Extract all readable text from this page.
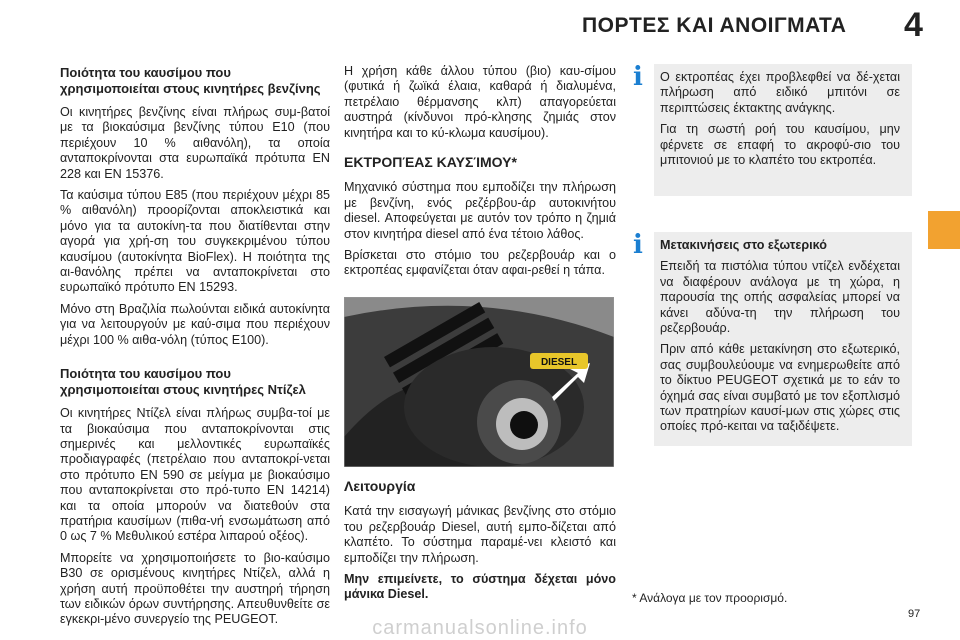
ΠΟΡΤΕΣ ΚΑΙ ΑΝΟΙΓΜΑΤΑ 4
Ποιότητα του καυσίμου που χρησιμοποιείται στους κινητήρες βενζίνης

Οι κινητήρες βενζίνης είναι πλήρως συμ-βατοί με τα βιοκαύσιμα βενζίνης τύπου E10 (που περιέχουν 10 % αιθανόλη), τα οποία ανταποκρίνονται στα ευρωπαϊκά πρότυπα EN 228 και EN 15376.

Τα καύσιμα τύπου E85 (που περιέχουν μέχρι 85 % αιθανόλη) προορίζονται αποκλειστικά και μόνο για τα αυτοκίνη-τα που διατίθενται στην αγορά για χρή-ση του συγκεκριμένου τύπου καυσίμου (αυτοκίνητα BioFlex). Η ποιότητα της αι-θανόλης πρέπει να ανταποκρίνεται στο ευρωπαϊκό πρότυπο EN 15293.

Μόνο στη Βραζιλία πωλούνται ειδικά αυτοκίνητα για να λειτουργούν με καύ-σιμα που περιέχουν μέχρι 100 % αιθα-νόλη (τύπος E100).

Ποιότητα του καυσίμου που χρησιμοποιείται στους κινητήρες Ντίζελ

Οι κινητήρες Ντίζελ είναι πλήρως συμβα-τοί με τα βιοκαύσιμα που ανταποκρίνονται στις σημερινές και μελλοντικές ευρωπαϊκές προδιαγραφές (πετρέλαιο που ανταποκρί-νεται στο πρότυπο EN 590 σε μείγμα με βιοκαύσιμο που ανταποκρίνεται στο πρό-τυπο EN 14214) και τα οποία μπορούν να διατεθούν στα πρατήρια καυσίμων (πιθα-νή ενσωμάτωση από 0 ως 7 % Μεθυλικού εστέρα λιπαρού οξέος).

Μπορείτε να χρησιμοποιήσετε το βιο-καύσιμο B30 σε ορισμένους κινητήρες Ντίζελ, αλλά η χρήση αυτή προϋποθέτει την αυστηρή τήρηση των ειδικών όρων συντήρησης. Απευθυνθείτε σε εγκεκρι-μένο συνεργείο της PEUGEOT.

Η χρήση κάθε άλλου τύπου (βιο) καυ-σίμου (φυτικά ή ζωϊκά έλαια, καθαρά ή διαλυμένα, πετρέλαιο θέρμανσης κλπ) απαγορεύεται αυστηρά (κίνδυνοι πρό-κλησης ζημιάς στον κινητήρα και το κύ-κλωμα καυσίμου).

ΕΚΤΡΟΠΈΑΣ ΚΑΥΣΊΜΟΥ*

Μηχανικό σύστημα που εμποδίζει την πλήρωση με βενζίνη, ενός ρεζέρβου-άρ αυτοκινήτου diesel. Αποφεύγεται με αυτόν τον τρόπο η ζημιά στον κινητήρα diesel από ένα τέτοιο λάθος.

Βρίσκεται στο στόμιο του ρεζερβουάρ και ο εκτροπέας εμφανίζεται όταν αφαι-ρεθεί η τάπα.

DIESEL
Λειτουργία

Κατά την εισαγωγή μάνικας βενζίνης στο στόμιο του ρεζερβουάρ Diesel, αυτή εμπο-δίζεται από κλαπέτο. Το σύστημα παραμέ-νει κλειστό και εμποδίζει την πλήρωση.

Μην επιμείνετε, το σύστημα δέχεται μόνο μάνικα Diesel.

Ο εκτροπέας έχει προβλεφθεί να δέ-χεται πλήρωση από ειδικό μπιτόνι σε περιπτώσεις έκτακτης ανάγκης.

Για τη σωστή ροή του καυσίμου, μην φέρνετε σε επαφή το ακροφύ-σιο του μπιτονιού με το κλαπέτο του εκτροπέα.

i

Μετακινήσεις στο εξωτερικό

Επειδή τα πιστόλια τύπου ντίζελ ενδέχεται να διαφέρουν ανάλογα με τη χώρα, η παρουσία της οπής ασφαλείας μπορεί να κάνει αδύνα-τη την πλήρωση του ρεζερβουάρ.

Πριν από κάθε μετακίνηση στο εξωτερικό, σας συμβουλεύουμε να ενημερωθείτε από το δίκτυο PEUGEOT σχετικά με το εάν το όχημά σας είναι συμβατό με τον εξοπλισμό των πρατηρίων καυσί-μων στις χώρες στις οποίες πρό-κειται να ταξιδέψετε.

i
* Ανάλογα με τον προορισμό.
97
carmanualsonline.info
